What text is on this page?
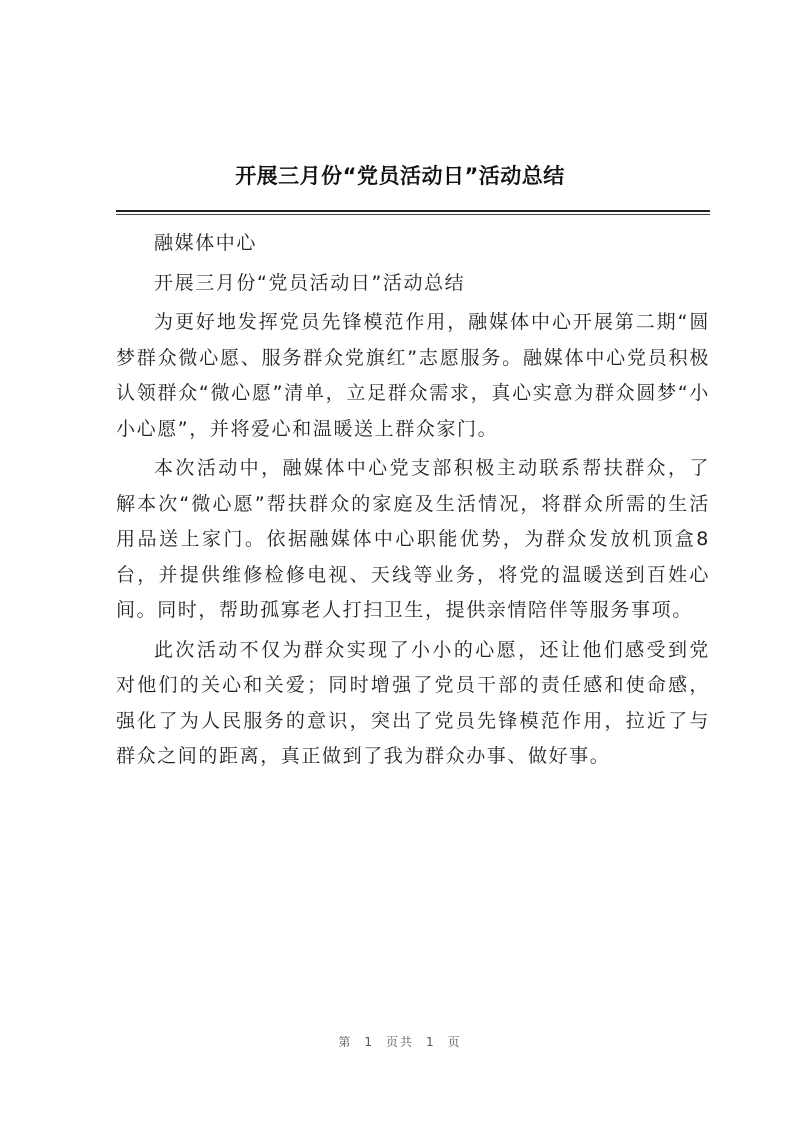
开展三月份“党员活动日”活动总结

融媒体中心

开展三月份“党员活动日”活动总结

为更好地发挥党员先锋模范作用，融媒体中心开展第二期“圆梦群众微心愿、服务群众党旗红”志愿服务。融媒体中心党员积极认领群众“微心愿”清单，立足群众需求，真心实意为群众圆梦“小小心愿”，并将爱心和温暖送上群众家门。

本次活动中，融媒体中心党支部积极主动联系帮扶群众，了解本次“微心愿”帮扶群众的家庭及生活情况，将群众所需的生活用品送上家门。依据融媒体中心职能优势，为群众发放机顶盒8台，并提供维修检修电视、天线等业务，将党的温暖送到百姓心间。同时，帮助孤寡老人打扫卫生，提供亲情陪伴等服务事项。

此次活动不仅为群众实现了小小的心愿，还让他们感受到党对他们的关心和关爱；同时增强了党员干部的责任感和使命感，强化了为人民服务的意识，突出了党员先锋模范作用，拉近了与群众之间的距离，真正做到了我为群众办事、做好事。

第 1 页共 1 页
